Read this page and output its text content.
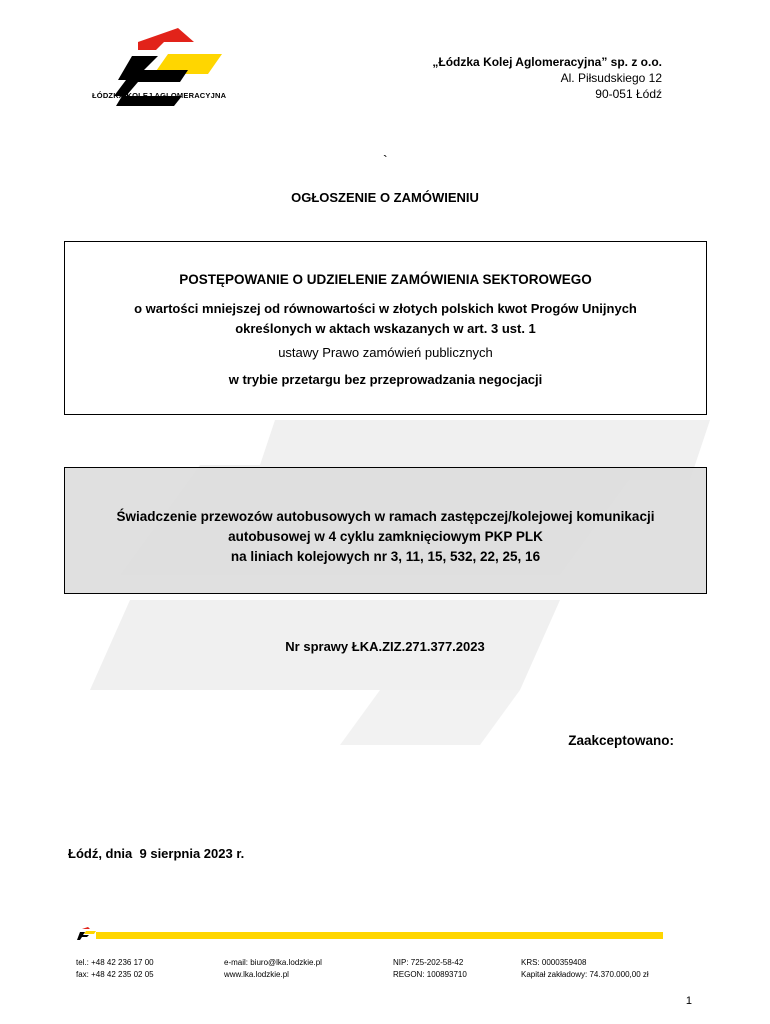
ŁÓDZKA KOLEJ AGLOMERACYJNA
„Łódzka Kolej Aglomeracyjna” sp. z o.o.
Al. Piłsudskiego 12
90-051 Łódź
`
OGŁOSZENIE O ZAMÓWIENIU
POSTĘPOWANIE O UDZIELENIE ZAMÓWIENIA SEKTOROWEGO
o wartości mniejszej od równowartości w złotych polskich kwot Progów Unijnych
określonych w aktach wskazanych w art. 3 ust. 1
ustawy Prawo zamówień publicznych
w trybie przetargu bez przeprowadzania negocjacji
Świadczenie przewozów autobusowych w ramach zastępczej/kolejowej komunikacji
autobusowej w 4 cyklu zamknięciowym PKP PLK
na liniach kolejowych nr 3, 11, 15, 532, 22, 25, 16
Nr sprawy ŁKA.ZIZ.271.377.2023
Zaakceptowano:
Łódź, dnia  9 sierpnia 2023 r.
tel.: +48 42 236 17 00
fax: +48 42 235 02 05
e-mail: biuro@lka.lodzkie.pl
www.lka.lodzkie.pl
NIP: 725-202-58-42
REGON: 100893710
KRS: 0000359408
Kapitał zakładowy: 74.370.000,00 zł
1
